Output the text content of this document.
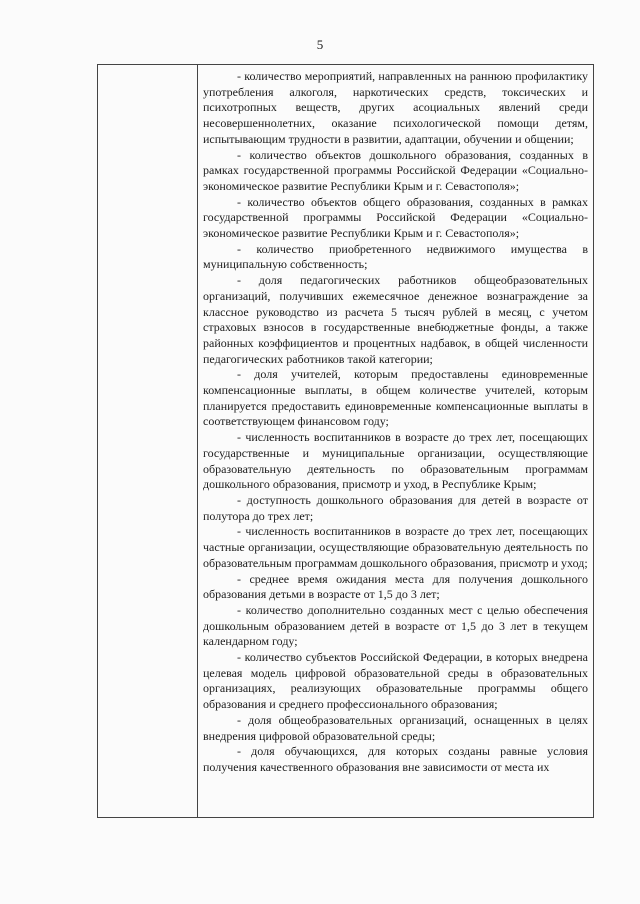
5

- количество мероприятий, направленных на раннюю профилактику употребления алкоголя, наркотических средств, токсических и психотропных веществ, других асоциальных явлений среди несовершеннолетних, оказание психологической помощи детям, испытывающим трудности в развитии, адаптации, обучении и общении;

- количество объектов дошкольного образования, созданных в рамках государственной программы Российской Федерации «Социально-экономическое развитие Республики Крым и г. Севастополя»;

- количество объектов общего образования, созданных в рамках государственной программы Российской Федерации «Социально-экономическое развитие Республики Крым и г. Севастополя»;

- количество приобретенного недвижимого имущества в муниципальную собственность;

- доля педагогических работников общеобразовательных организаций, получивших ежемесячное денежное вознаграждение за классное руководство из расчета 5 тысяч рублей в месяц, с учетом страховых взносов в государственные внебюджетные фонды, а также районных коэффициентов и процентных надбавок, в общей численности педагогических работников такой категории;

- доля учителей, которым предоставлены единовременные компенсационные выплаты, в общем количестве учителей, которым планируется предоставить единовременные компенсационные выплаты в соответствующем финансовом году;

- численность воспитанников в возрасте до трех лет, посещающих государственные и муниципальные организации, осуществляющие образовательную деятельность по образовательным программам дошкольного образования, присмотр и уход, в Республике Крым;

- доступность дошкольного образования для детей в возрасте от полутора до трех лет;

- численность воспитанников в возрасте до трех лет, посещающих частные организации, осуществляющие образовательную деятельность по образовательным программам дошкольного образования, присмотр и уход;

- среднее время ожидания места для получения дошкольного образования детьми в возрасте от 1,5 до 3 лет;

- количество дополнительно созданных мест с целью обеспечения дошкольным образованием детей в возрасте от 1,5 до 3 лет в текущем календарном году;

- количество субъектов Российской Федерации, в которых внедрена целевая модель цифровой образовательной среды в образовательных организациях, реализующих образовательные программы общего образования и среднего профессионального образования;

- доля общеобразовательных организаций, оснащенных в целях внедрения цифровой образовательной среды;

- доля обучающихся, для которых созданы равные условия получения качественного образования вне зависимости от места их
